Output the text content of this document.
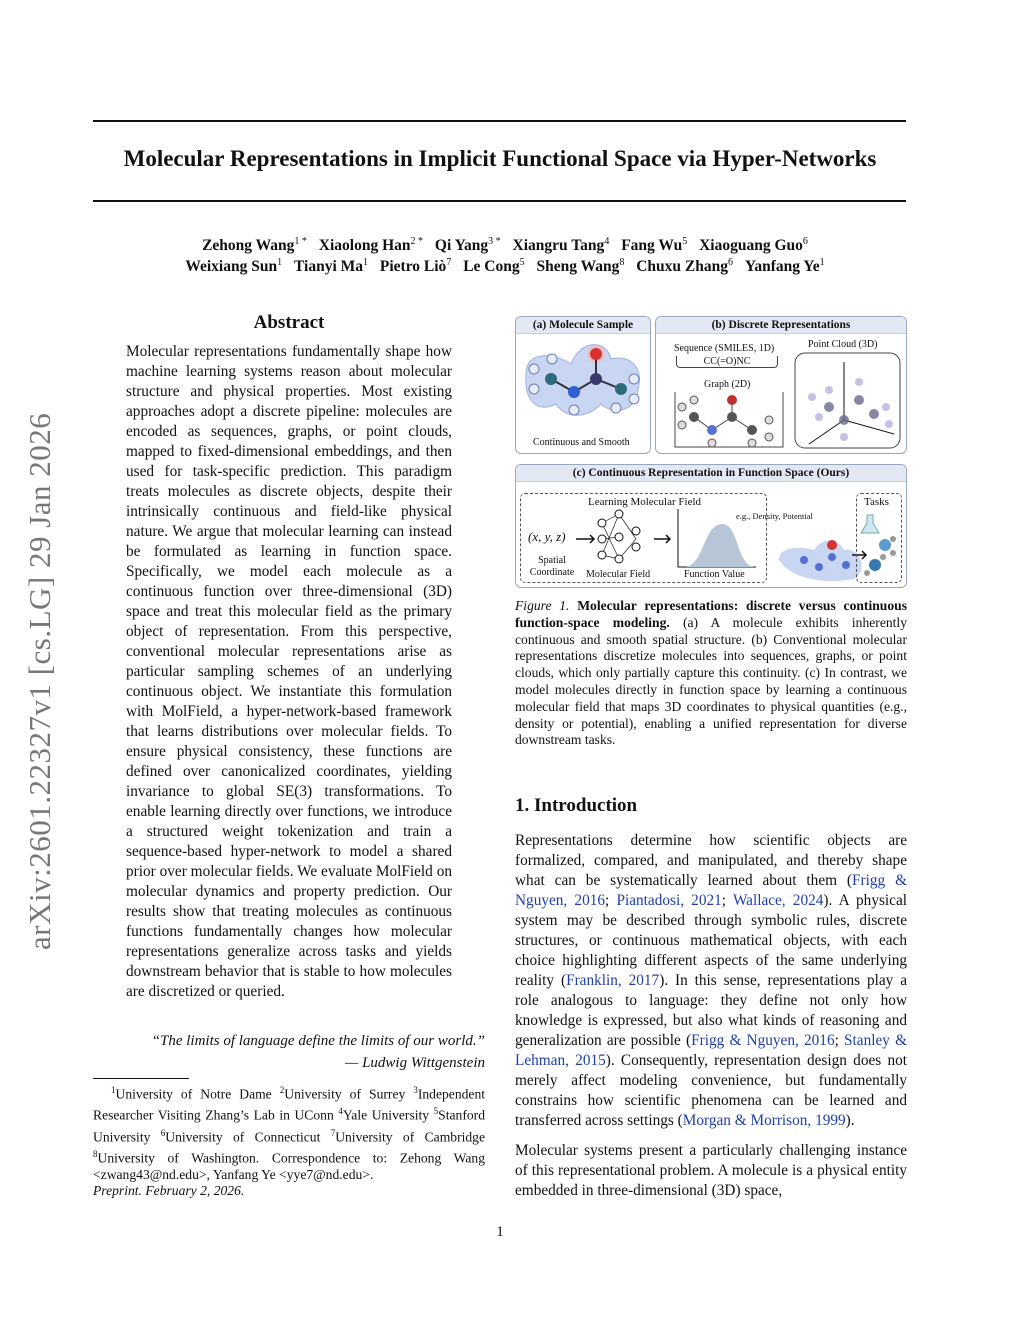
arXiv:2601.22327v1 [cs.LG] 29 Jan 2026
Molecular Representations in Implicit Functional Space via Hyper-Networks
Zehong Wang$^{1 *}$ Xiaolong Han$^{2 *}$ Qi Yang$^{3 *}$ Xiangru Tang$^4$ Fang Wu$^5$ Xiaoguang Guo$^6$
Weixiang Sun$^1$ Tianyi Ma$^1$ Pietro Liò$^7$ Le Cong$^5$ Sheng Wang$^8$ Chuxu Zhang$^6$ Yanfang Ye$^1$
Abstract
Molecular representations fundamentally shape how machine learning systems reason about molecular structure and physical properties. Most existing approaches adopt a discrete pipeline: molecules are encoded as sequences, graphs, or point clouds, mapped to fixed-dimensional embeddings, and then used for task-specific prediction. This paradigm treats molecules as discrete objects, despite their intrinsically continuous and field-like physical nature. We argue that molecular learning can instead be formulated as learning in function space. Specifically, we model each molecule as a continuous function over three-dimensional (3D) space and treat this molecular field as the primary object of representation. From this perspective, conventional molecular representations arise as particular sampling schemes of an underlying continuous object. We instantiate this formulation with MolField, a hyper-network-based framework that learns distributions over molecular fields. To ensure physical consistency, these functions are defined over canonicalized coordinates, yielding invariance to global SE(3) transformations. To enable learning directly over functions, we introduce a structured weight tokenization and train a sequence-based hyper-network to model a shared prior over molecular fields. We evaluate MolField on molecular dynamics and property prediction. Our results show that treating molecules as continuous functions fundamentally changes how molecular representations generalize across tasks and yields downstream behavior that is stable to how molecules are discretized or queried.
“The limits of language define the limits of our world.”
— Ludwig Wittgenstein
$^1$University of Notre Dame $^2$University of Surrey $^3$Independent Researcher Visiting Zhang’s Lab in UConn $^4$Yale University $^5$Stanford University $^6$University of Connecticut $^7$University of Cambridge $^8$University of Washington. Correspondence to: Zehong Wang <zwang43@nd.edu>, Yanfang Ye <yye7@nd.edu>.
Preprint. February 2, 2026.
(a) Molecule Sample
Continuous and Smooth
(b) Discrete Representations
Sequence (SMILES, 1D)
CC(=O)NC
Graph (2D)
Point Cloud (3D)
(c) Continuous Representation in Function Space (Ours)
Learning Molecular Field
(x, y, z)
Spatial Coordinate	Molecular Field	Function Value
e.g., Density, Potential
Tasks
Figure 1. Molecular representations: discrete versus continuous function-space modeling. (a) A molecule exhibits inherently continuous and smooth spatial structure. (b) Conventional molecular representations discretize molecules into sequences, graphs, or point clouds, which only partially capture this continuity. (c) In contrast, we model molecules directly in function space by learning a continuous molecular field that maps 3D coordinates to physical quantities (e.g., density or potential), enabling a unified representation for diverse downstream tasks.
1. Introduction

Representations determine how scientific objects are formalized, compared, and manipulated, and thereby shape what can be systematically learned about them (Frigg & Nguyen, 2016; Piantadosi, 2021; Wallace, 2024). A physical system may be described through symbolic rules, discrete structures, or continuous mathematical objects, with each choice highlighting different aspects of the same underlying reality (Franklin, 2017). In this sense, representations play a role analogous to language: they define not only how knowledge is expressed, but also what kinds of reasoning and generalization are possible (Frigg & Nguyen, 2016; Stanley & Lehman, 2015). Consequently, representation design does not merely affect modeling convenience, but fundamentally constrains how scientific phenomena can be learned and transferred across settings (Morgan & Morrison, 1999).

Molecular systems present a particularly challenging instance of this representational problem. A molecule is a physical entity embedded in three-dimensional (3D) space,

1
